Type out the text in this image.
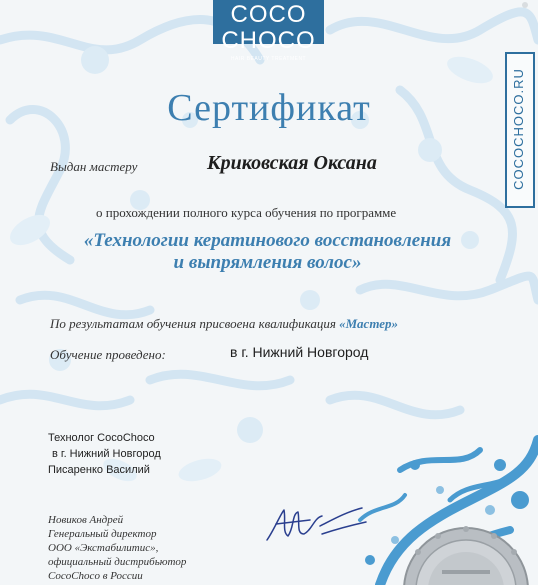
COCO CHOCO
HAIR BEAUTY TREATMENT
COCOCHOCO.RU
Сертификат
Выдан мастеру	Криковская Оксана
о прохождении полного курса обучения по программе
«Технологии кератинового восстановления
и выпрямления волос»
По результатам обучения присвоена квалификация «Мастер»
Обучение проведено:	в г. Нижний Новгород
Технолог CocoChoco
в г. Нижний Новгород
Писаренко Василий
Новиков Андрей
Генеральный директор
ООО «Экстабилитис»,
официальный дистрибьютор
CocoChoco в России
